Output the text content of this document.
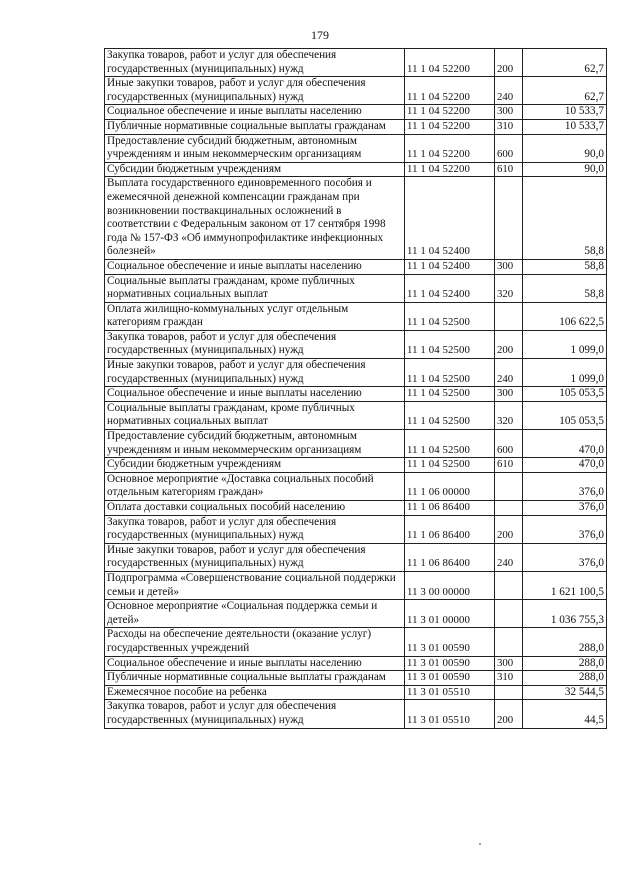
179
Закупка товаров, работ и услуг для обеспечения государственных (муниципальных) нужд	11 1 04 52200	200	62,7
Иные закупки товаров, работ и услуг для обеспечения государственных (муниципальных) нужд	11 1 04 52200	240	62,7
Социальное обеспечение и иные выплаты населению	11 1 04 52200	300	10 533,7
Публичные нормативные социальные выплаты гражданам	11 1 04 52200	310	10 533,7
Предоставление субсидий бюджетным, автономным учреждениям и иным некоммерческим организациям	11 1 04 52200	600	90,0
Субсидии бюджетным учреждениям	11 1 04 52200	610	90,0
Выплата государственного единовременного пособия и ежемесячной денежной компенсации гражданам при возникновении поствакцинальных осложнений в соответствии с Федеральным законом от 17 сентября 1998 года № 157-ФЗ «Об иммунопрофилактике инфекционных болезней»	11 1 04 52400		58,8
Социальное обеспечение и иные выплаты населению	11 1 04 52400	300	58,8
Социальные выплаты гражданам, кроме публичных нормативных социальных выплат	11 1 04 52400	320	58,8
Оплата жилищно-коммунальных услуг отдельным категориям граждан	11 1 04 52500		106 622,5
Закупка товаров, работ и услуг для обеспечения государственных (муниципальных) нужд	11 1 04 52500	200	1 099,0
Иные закупки товаров, работ и услуг для обеспечения государственных (муниципальных) нужд	11 1 04 52500	240	1 099,0
Социальное обеспечение и иные выплаты населению	11 1 04 52500	300	105 053,5
Социальные выплаты гражданам, кроме публичных нормативных социальных выплат	11 1 04 52500	320	105 053,5
Предоставление субсидий бюджетным, автономным учреждениям и иным некоммерческим организациям	11 1 04 52500	600	470,0
Субсидии бюджетным учреждениям	11 1 04 52500	610	470,0
Основное мероприятие «Доставка социальных пособий отдельным категориям граждан»	11 1 06 00000		376,0
Оплата доставки социальных пособий населению	11 1 06 86400		376,0
Закупка товаров, работ и услуг для обеспечения государственных (муниципальных) нужд	11 1 06 86400	200	376,0
Иные закупки товаров, работ и услуг для обеспечения государственных (муниципальных) нужд	11 1 06 86400	240	376,0
Подпрограмма «Совершенствование социальной поддержки семьи и детей»	11 3 00 00000		1 621 100,5
Основное мероприятие «Социальная поддержка семьи и детей»	11 3 01 00000		1 036 755,3
Расходы на обеспечение деятельности (оказание услуг) государственных учреждений	11 3 01 00590		288,0
Социальное обеспечение и иные выплаты населению	11 3 01 00590	300	288,0
Публичные нормативные социальные выплаты гражданам	11 3 01 00590	310	288,0
Ежемесячное пособие на ребенка	11 3 01 05510		32 544,5
Закупка товаров, работ и услуг для обеспечения государственных (муниципальных) нужд	11 3 01 05510	200	44,5
